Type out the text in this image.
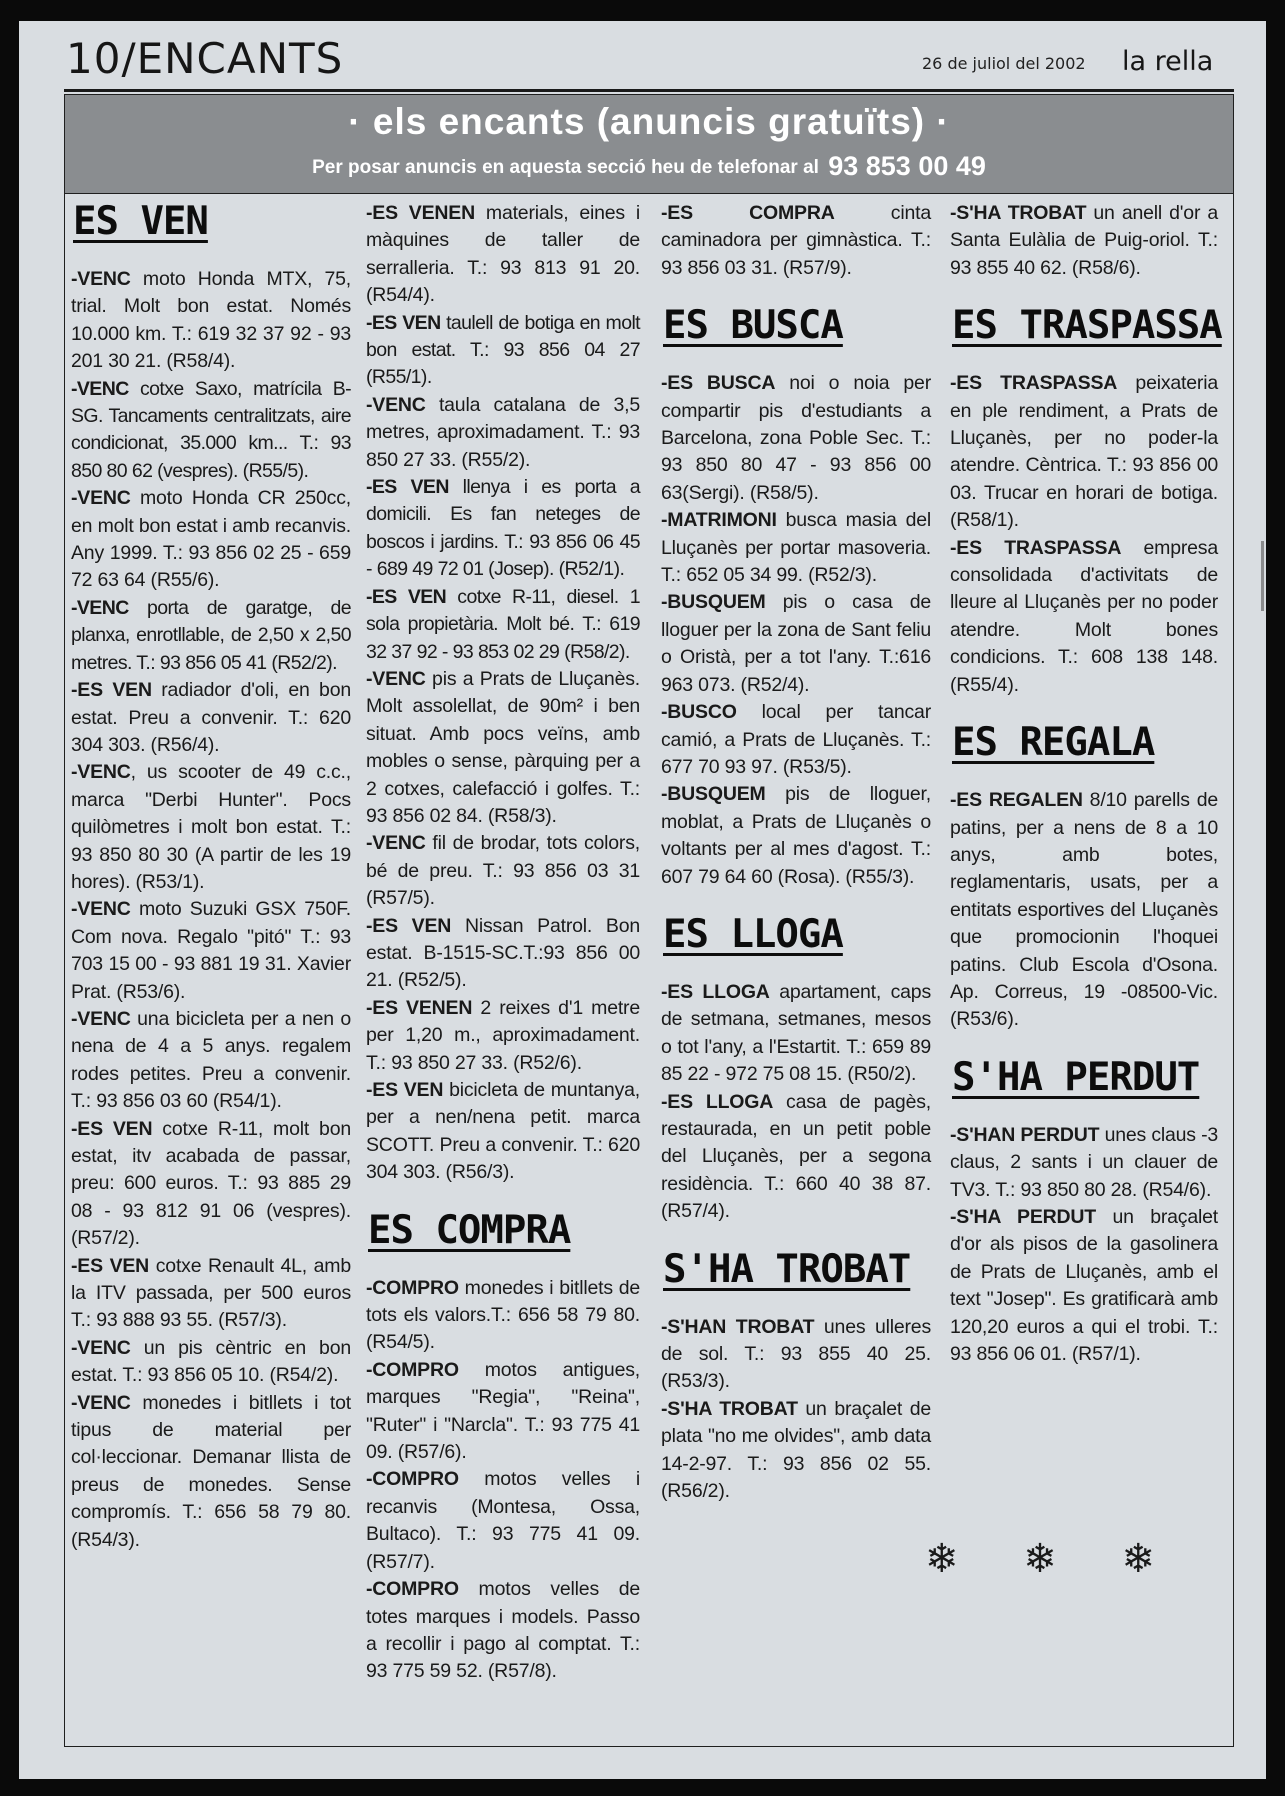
10/ENCANTS	26 de juliol del 2002 la rella
· els encants (anuncis gratuïts) ·
Per posar anuncis en aquesta secció heu de telefonar al 93 853 00 49
ES VEN

-VENC moto Honda MTX, 75, trial. Molt bon estat. Només 10.000 km. T.: 619 32 37 92 - 93 201 30 21. (R58/4).

-VENC cotxe Saxo, matrícila B-SG. Tancaments centralitzats, aire condicionat, 35.000 km... T.: 93 850 80 62 (vespres). (R55/5).

-VENC moto Honda CR 250cc, en molt bon estat i amb recanvis. Any 1999. T.: 93 856 02 25 - 659 72 63 64 (R55/6).

-VENC porta de garatge, de planxa, enrotllable, de 2,50 x 2,50 metres. T.: 93 856 05 41 (R52/2).

-ES VEN radiador d'oli, en bon estat. Preu a convenir. T.: 620 304 303. (R56/4).

-VENC, us scooter de 49 c.c., marca "Derbi Hunter". Pocs quilòmetres i molt bon estat. T.: 93 850 80 30 (A partir de les 19 hores). (R53/1).

-VENC moto Suzuki GSX 750F. Com nova. Regalo "pitó" T.: 93 703 15 00 - 93 881 19 31. Xavier Prat. (R53/6).

-VENC una bicicleta per a nen o nena de 4 a 5 anys. regalem rodes petites. Preu a convenir. T.: 93 856 03 60 (R54/1).

-ES VEN cotxe R-11, molt bon estat, itv acabada de passar, preu: 600 euros. T.: 93 885 29 08 - 93 812 91 06 (vespres). (R57/2).

-ES VEN cotxe Renault 4L, amb la ITV passada, per 500 euros T.: 93 888 93 55. (R57/3).

-VENC un pis cèntric en bon estat. T.: 93 856 05 10. (R54/2).

-VENC monedes i bitllets i tot tipus de material per col·leccionar. Demanar llista de preus de monedes. Sense compromís. T.: 656 58 79 80. (R54/3).

-ES VENEN materials, eines i màquines de taller de serralleria. T.: 93 813 91 20. (R54/4).

-ES VEN taulell de botiga en molt bon estat. T.: 93 856 04 27 (R55/1).

-VENC taula catalana de 3,5 metres, aproximadament. T.: 93 850 27 33. (R55/2).

-ES VEN llenya i es porta a domicili. Es fan neteges de boscos i jardins. T.: 93 856 06 45 - 689 49 72 01 (Josep). (R52/1).

-ES VEN cotxe R-11, diesel. 1 sola propietària. Molt bé. T.: 619 32 37 92 - 93 853 02 29 (R58/2).

-VENC pis a Prats de Lluçanès. Molt assolellat, de 90m² i ben situat. Amb pocs veïns, amb mobles o sense, pàrquing per a 2 cotxes, calefacció i golfes. T.: 93 856 02 84. (R58/3).

-VENC fil de brodar, tots colors, bé de preu. T.: 93 856 03 31 (R57/5).

-ES VEN Nissan Patrol. Bon estat. B-1515-SC.T.:93 856 00 21. (R52/5).

-ES VENEN 2 reixes d'1 metre per 1,20 m., aproximadament. T.: 93 850 27 33. (R52/6).

-ES VEN bicicleta de muntanya, per a nen/nena petit. marca SCOTT. Preu a convenir. T.: 620 304 303. (R56/3).

ES COMPRA

-COMPRO monedes i bitllets de tots els valors.T.: 656 58 79 80. (R54/5).

-COMPRO motos antigues, marques "Regia", "Reina", "Ruter" i "Narcla". T.: 93 775 41 09. (R57/6).

-COMPRO motos velles i recanvis (Montesa, Ossa, Bultaco). T.: 93 775 41 09.(R57/7).

-COMPRO motos velles de totes marques i models. Passo a recollir i pago al comptat. T.: 93 775 59 52. (R57/8).

-ES COMPRA cinta caminadora per gimnàstica. T.: 93 856 03 31. (R57/9).

ES BUSCA

-ES BUSCA noi o noia per compartir pis d'estudiants a Barcelona, zona Poble Sec. T.: 93 850 80 47 - 93 856 00 63(Sergi). (R58/5).

-MATRIMONI busca masia del Lluçanès per portar masoveria. T.: 652 05 34 99. (R52/3).

-BUSQUEM pis o casa de lloguer per la zona de Sant feliu o Oristà, per a tot l'any. T.:616 963 073. (R52/4).

-BUSCO local per tancar camió, a Prats de Lluçanès. T.: 677 70 93 97. (R53/5).

-BUSQUEM pis de lloguer, moblat, a Prats de Lluçanès o voltants per al mes d'agost. T.: 607 79 64 60 (Rosa). (R55/3).

ES LLOGA

-ES LLOGA apartament, caps de setmana, setmanes, mesos o tot l'any, a l'Estartit. T.: 659 89 85 22 - 972 75 08 15. (R50/2).

-ES LLOGA casa de pagès, restaurada, en un petit poble del Lluçanès, per a segona residència. T.: 660 40 38 87. (R57/4).

S'HA TROBAT

-S'HAN TROBAT unes ulleres de sol. T.: 93 855 40 25. (R53/3).

-S'HA TROBAT un braçalet de plata "no me olvides", amb data 14-2-97. T.: 93 856 02 55. (R56/2).

-S'HA TROBAT un anell d'or a Santa Eulàlia de Puig-oriol. T.: 93 855 40 62. (R58/6).

ES TRASPASSA

-ES TRASPASSA peixateria en ple rendiment, a Prats de Lluçanès, per no poder-la atendre. Cèntrica. T.: 93 856 00 03. Trucar en horari de botiga. (R58/1).

-ES TRASPASSA empresa consolidada d'activitats de lleure al Lluçanès per no poder atendre. Molt bones condicions. T.: 608 138 148. (R55/4).

ES REGALA

-ES REGALEN 8/10 parells de patins, per a nens de 8 a 10 anys, amb botes, reglamentaris, usats, per a entitats esportives del Lluçanès que promocionin l'hoquei patins. Club Escola d'Osona. Ap. Correus, 19 -08500-Vic. (R53/6).

S'HA PERDUT

-S'HAN PERDUT unes claus -3 claus, 2 sants i un clauer de TV3. T.: 93 850 80 28. (R54/6).

-S'HA PERDUT un braçalet d'or als pisos de la gasolinera de Prats de Lluçanès, amb el text "Josep". Es gratificarà amb 120,20 euros a qui el trobi. T.: 93 856 06 01. (R57/1).

❄ ❄ ❄
